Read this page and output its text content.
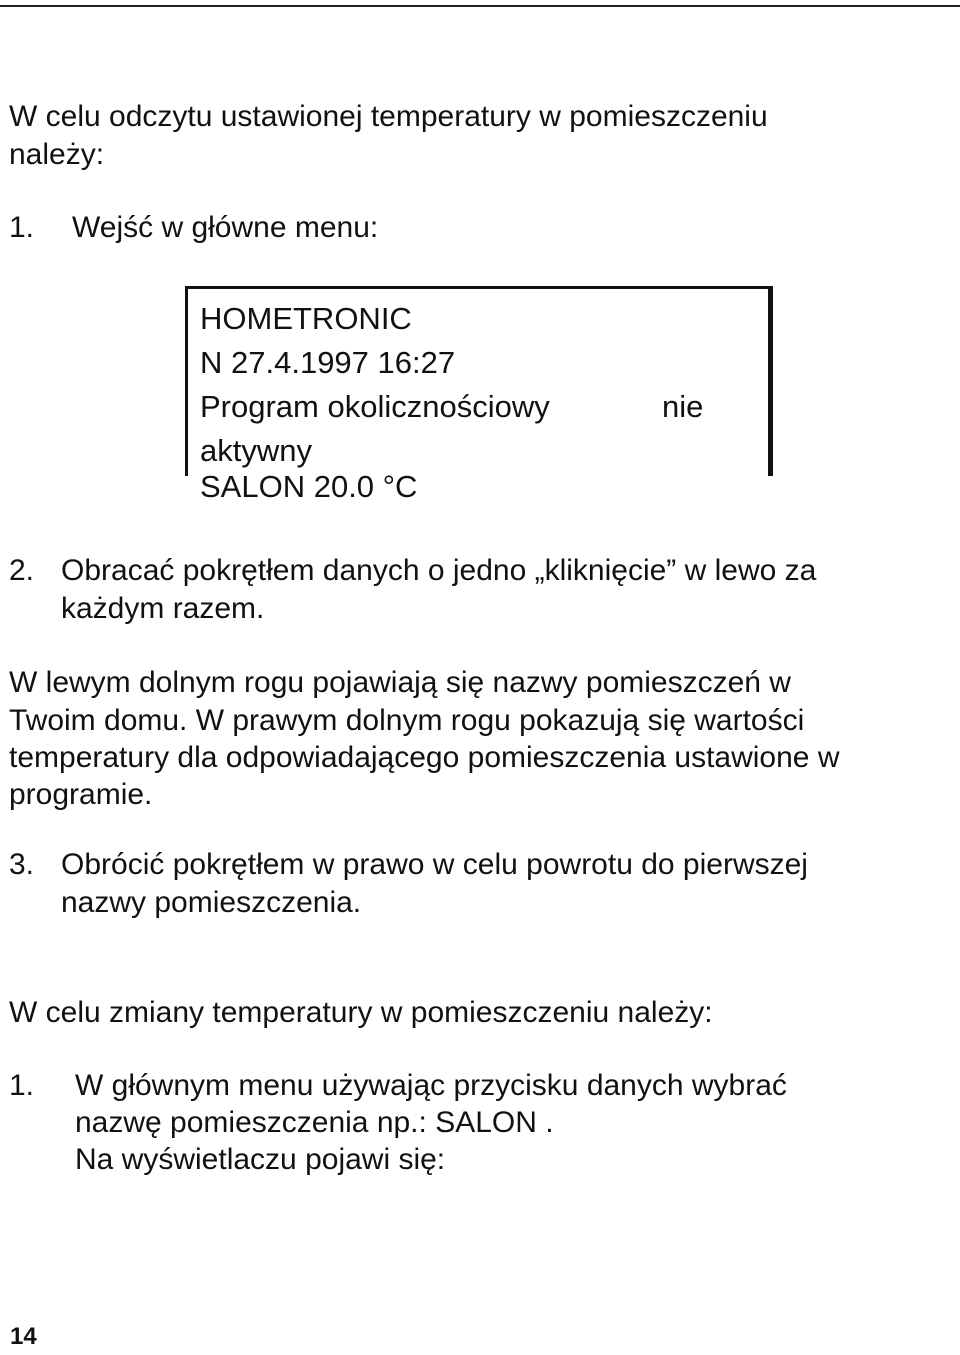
W celu odczytu ustawionej temperatury w pomieszczeniu

należy:

1. Wejść w główne menu:
HOMETRONIC
N 27.4.1997 16:27
Program okolicznościowy	nie
aktywny
SALON 20.0 °C
2. Obracać pokrętłem danych o jedno „kliknięcie” w lewo za
każdym razem.

W lewym dolnym rogu pojawiają się nazwy pomieszczeń w

Twoim domu. W prawym dolnym rogu pokazują się wartości

temperatury dla odpowiadającego pomieszczenia ustawione w

programie.

3. Obrócić pokrętłem w prawo w celu powrotu do pierwszej
nazwy pomieszczenia.

W celu zmiany temperatury w pomieszczeniu należy:

1. W głównym menu używając przycisku danych wybrać
nazwę pomieszczenia np.: SALON .
Na wyświetlaczu pojawi się:
14
